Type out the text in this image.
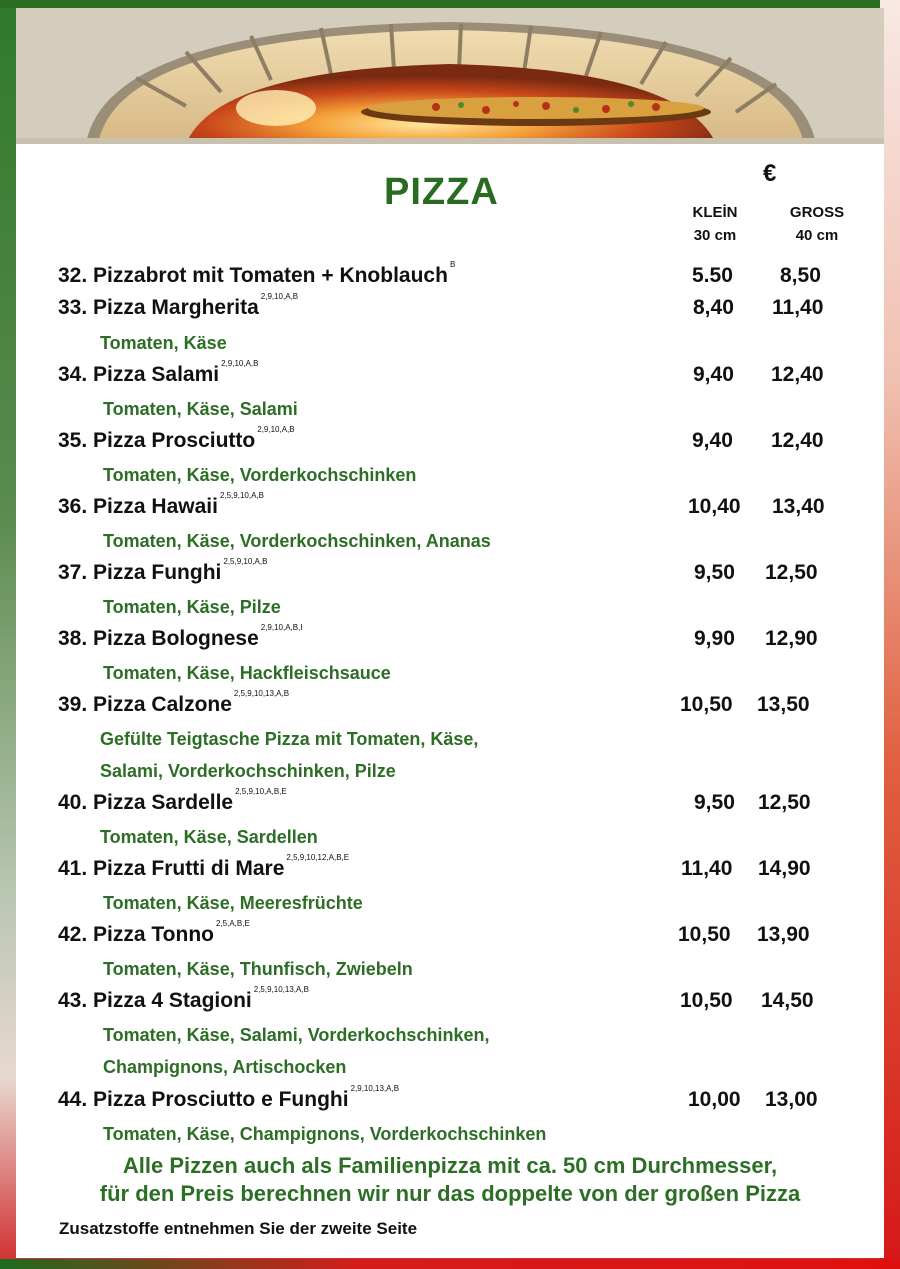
PIZZA	€
KLEİN
30 cm
GROSS
40 cm
32. Pizzabrot mit Tomaten + Knoblauch $^B$	5.50 8,50
33. Pizza Margherita $^{2,9,10,A,B}$	8,40 11,40
Tomaten, Käse
34. Pizza Salami $^{2,9,10,A,B}$	9,40 12,40
Tomaten, Käse, Salami
35. Pizza Prosciutto $^{2,9,10,A,B}$	9,40 12,40
Tomaten, Käse, Vorderkochschinken
36. Pizza Hawaii $^{2,5,9,10,A,B}$	10,40 13,40
Tomaten, Käse, Vorderkochschinken, Ananas
37. Pizza Funghi $^{2,5,9,10,A,B}$	9,50 12,50
Tomaten, Käse, Pilze
38. Pizza Bolognese $^{2,9,10,A,B,I}$	9,90 12,90
Tomaten, Käse, Hackfleischsauce
39. Pizza Calzone $^{2,5,9,10,13,A,B}$	10,50 13,50
Gefülte Teigtasche Pizza mit Tomaten, Käse,
Salami, Vorderkochschinken, Pilze
40. Pizza Sardelle $^{2,5,9,10,A,B,E}$	9,50 12,50
Tomaten, Käse, Sardellen
41. Pizza Frutti di Mare $^{2,5,9,10,12,A,B,E}$	11,40 14,90
Tomaten, Käse, Meeresfrüchte
42. Pizza Tonno $^{2,5,A,B,E}$	10,50 13,90
Tomaten, Käse, Thunfisch, Zwiebeln
43. Pizza 4 Stagioni $^{2,5,9,10,13,A,B}$	10,50 14,50
Tomaten, Käse, Salami, Vorderkochschinken,
Champignons, Artischocken
44. Pizza Prosciutto e Funghi $^{2,9,10,13,A,B}$	10,00 13,00
Tomaten, Käse, Champignons, Vorderkochschinken
Alle Pizzen auch als Familienpizza mit ca. 50 cm Durchmesser,
für den Preis berechnen wir nur das doppelte von der großen Pizza
Zusatzstoffe entnehmen Sie der zweite Seite
